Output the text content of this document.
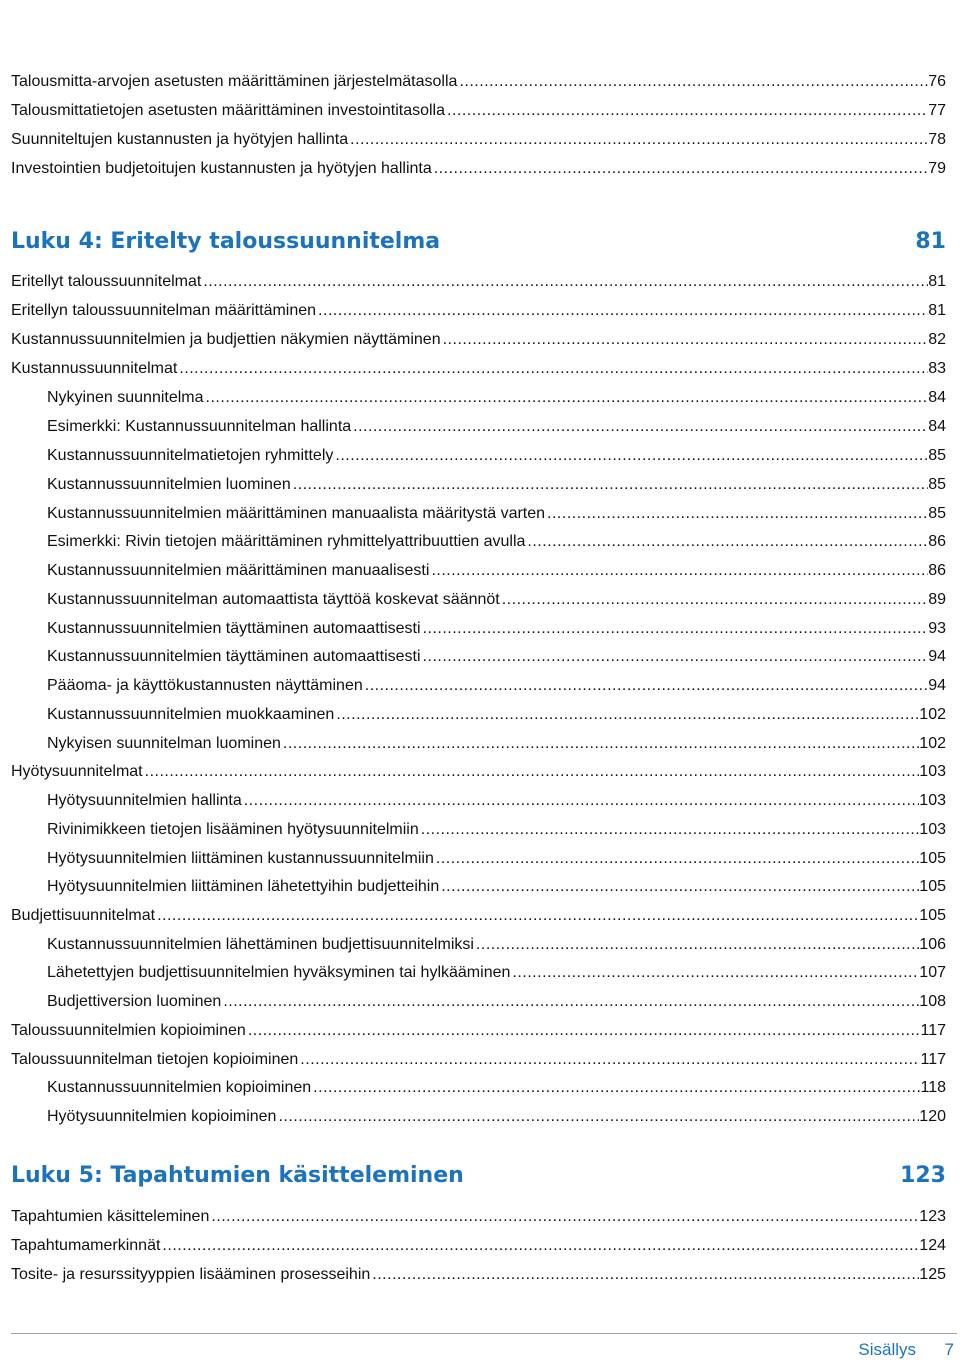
Talousmitta-arvojen asetusten määrittäminen järjestelmätasolla .....	76
Talousmittatietojen asetusten määrittäminen investointitasolla .....	77
Suunniteltujen kustannusten ja hyötyjen hallinta .....	78
Investointien budjetoitujen kustannusten ja hyötyjen hallinta .....	79
Luku 4: Eritelty taloussuunnitelma	81
Eritellyt taloussuunnitelmat .....	81
Eritellyn taloussuunnitelman määrittäminen .....	81
Kustannussuunnitelmien ja budjettien näkymien näyttäminen .....	82
Kustannussuunnitelmat .....	83
Nykyinen suunnitelma .....	84
Esimerkki: Kustannussuunnitelman hallinta .....	84
Kustannussuunnitelmatietojen ryhmittely .....	85
Kustannussuunnitelmien luominen .....	85
Kustannussuunnitelmien määrittäminen manuaalista määritystä varten .....	85
Esimerkki: Rivin tietojen määrittäminen ryhmittelyattribuuttien avulla .....	86
Kustannussuunnitelmien määrittäminen manuaalisesti .....	86
Kustannussuunnitelman automaattista täyttöä koskevat säännöt .....	89
Kustannussuunnitelmien täyttäminen automaattisesti .....	93
Kustannussuunnitelmien täyttäminen automaattisesti .....	94
Pääoma- ja käyttökustannusten näyttäminen .....	94
Kustannussuunnitelmien muokkaaminen .....	102
Nykyisen suunnitelman luominen .....	102
Hyötysuunnitelmat .....	103
Hyötysuunnitelmien hallinta .....	103
Rivinimikkeen tietojen lisääminen hyötysuunnitelmiin .....	103
Hyötysuunnitelmien liittäminen kustannussuunnitelmiin .....	105
Hyötysuunnitelmien liittäminen lähetettyihin budjetteihin .....	105
Budjettisuunnitelmat .....	105
Kustannussuunnitelmien lähettäminen budjettisuunnitelmiksi .....	106
Lähetettyjen budjettisuunnitelmien hyväksyminen tai hylkääminen .....	107
Budjettiversion luominen .....	108
Taloussuunnitelmien kopioiminen .....	117
Taloussuunnitelman tietojen kopioiminen .....	117
Kustannussuunnitelmien kopioiminen .....	118
Hyötysuunnitelmien kopioiminen .....	120
Luku 5: Tapahtumien käsitteleminen	123
Tapahtumien käsitteleminen .....	123
Tapahtumamerkinnät .....	124
Tosite- ja resurssityyppien lisääminen prosesseihin .....	125
Sisällys 7
